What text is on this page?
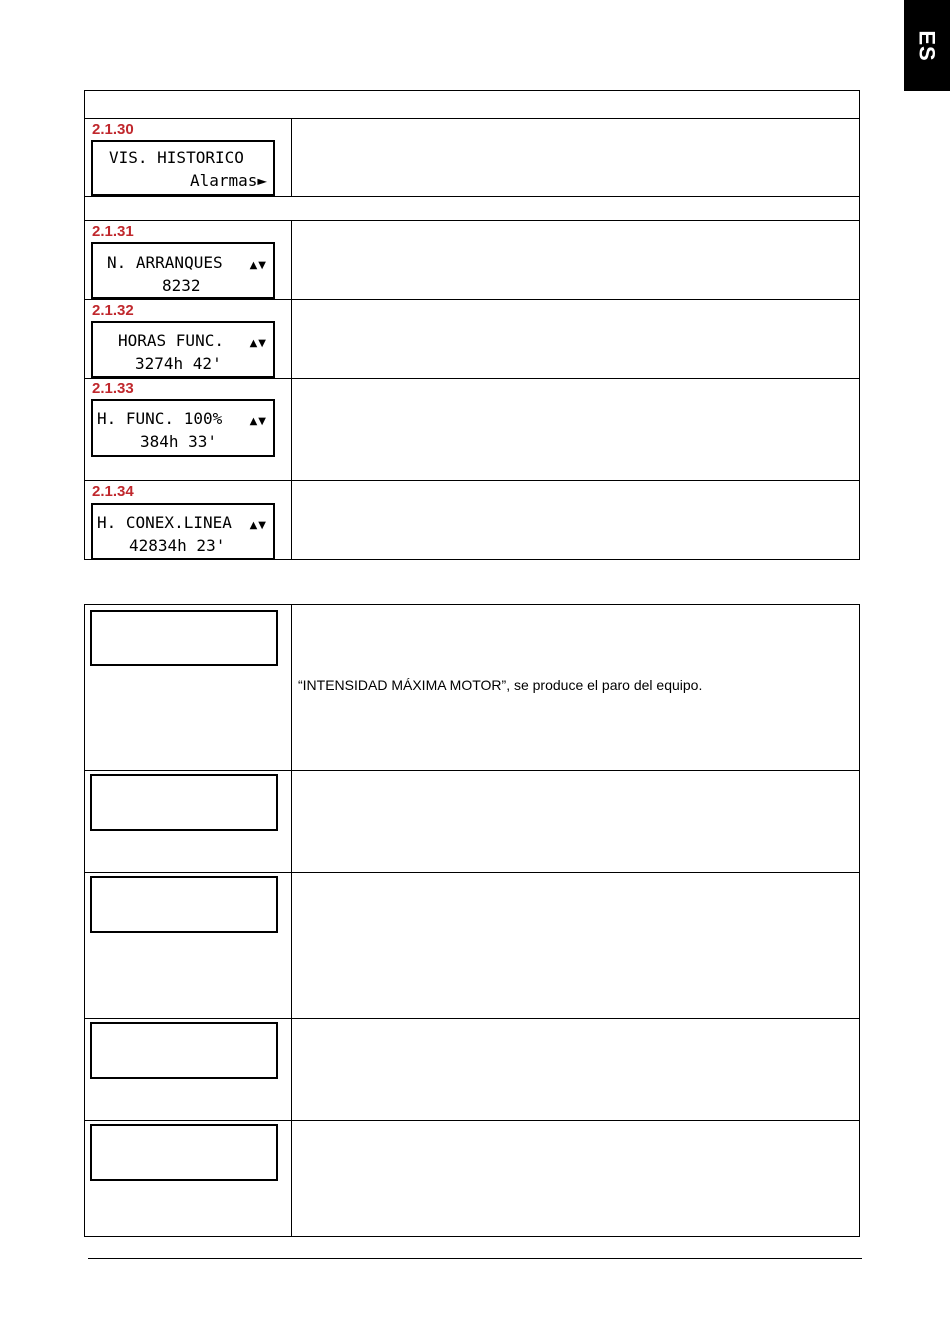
ES
2.1.30
VIS. HISTORICO
Alarmas►
2.1.31
N. ARRANQUES	▲▼
8232
2.1.32
HORAS FUNC.	▲▼
3274h 42'
2.1.33
H. FUNC. 100%	▲▼
384h 33'
2.1.34
H. CONEX.LINEA ▲▼
42834h 23'
“INTENSIDAD MÁXIMA MOTOR”, se produce el paro del equipo.
